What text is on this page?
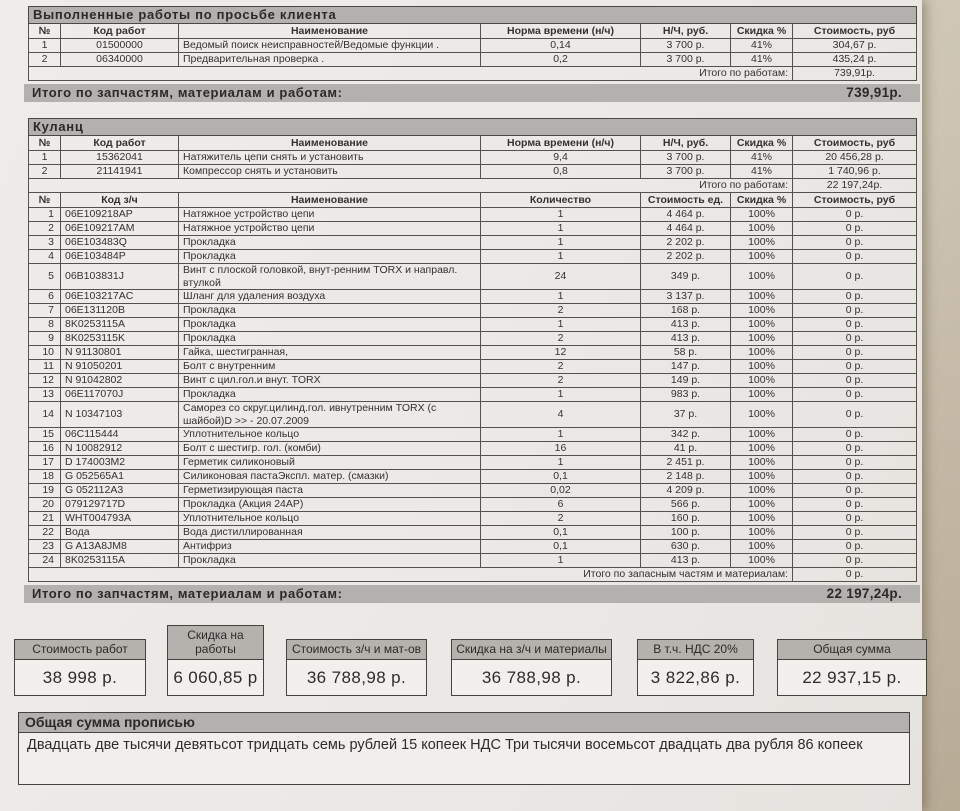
Выполненные работы по просьбе клиента						
№	Код работ	Наименование	Норма времени (н/ч)	Н/Ч, руб.	Скидка %	Стоимость, руб
1	01500000	Ведомый поиск неисправностей/Ведомые функции .	0,14	3 700 р.	41%	304,67 р.
2	06340000	Предварительная проверка .	0,2	3 700 р.	41%	435,24 р.
Итого по работам:						739,91р.
Итого по запчастям, материалам и работам:	739,91р.
Куланц						
№	Код работ	Наименование	Норма времени (н/ч)	Н/Ч, руб.	Скидка %	Стоимость, руб
1	15362041	Натяжитель цепи снять и установить	9,4	3 700 р.	41%	20 456,28 р.
2	21141941	Компрессор снять и установить	0,8	3 700 р.	41%	1 740,96 р.
Итого по работам:						22 197,24р.
№	Код з/ч	Наименование	Количество	Стоимость ед.	Скидка %	Стоимость, руб
1	06E109218AP	Натяжное устройство цепи	1	4 464 р.	100%	0 р.
2	06E109217AM	Натяжное устройство цепи	1	4 464 р.	100%	0 р.
3	06E103483Q	Прокладка	1	2 202 р.	100%	0 р.
4	06E103484P	Прокладка	1	2 202 р.	100%	0 р.
5	06B103831J	Винт с плоской головкой, внут-ренним TORX и направл. втулкой	24	349 р.	100%	0 р.
6	06E103217AC	Шланг для удаления воздуха	1	3 137 р.	100%	0 р.
7	06E131120B	Прокладка	2	168 р.	100%	0 р.
8	8K0253115A	Прокладка	1	413 р.	100%	0 р.
9	8K0253115K	Прокладка	2	413 р.	100%	0 р.
10	N 91130801	Гайка, шестигранная,	12	58 р.	100%	0 р.
11	N 91050201	Болт с внутренним	2	147 р.	100%	0 р.
12	N 91042802	Винт с цил.гол.и внут. TORX	2	149 р.	100%	0 р.
13	06E117070J	Прокладка	1	983 р.	100%	0 р.
14	N 10347103	Саморез со скруг.цилинд.гол. ивнутренним TORX (с шайбой)D >> - 20.07.2009	4	37 р.	100%	0 р.
15	06C115444	Уплотнительное кольцо	1	342 р.	100%	0 р.
16	N 10082912	Болт с шестигр. гол. (комби)	16	41 р.	100%	0 р.
17	D 174003M2	Герметик силиконовый	1	2 451 р.	100%	0 р.
18	G 052565A1	Силиконовая пастаЭкспл. матер. (смазки)	0,1	2 148 р.	100%	0 р.
19	G 052112A3	Герметизирующая паста	0,02	4 209 р.	100%	0 р.
20	079129717D	Прокладка (Акция 24АР)	6	566 р.	100%	0 р.
21	WHT004793A	Уплотнительное кольцо	2	160 р.	100%	0 р.
22	Вода	Вода дистиллированная	0,1	100 р.	100%	0 р.
23	G A13A8JM8	Антифриз	0,1	630 р.	100%	0 р.
24	8K0253115A	Прокладка	1	413 р.	100%	0 р.
Итого по запасным частям и материалам:						0 р.
Итого по запчастям, материалам и работам:	22 197,24р.
Стоимость работ
38 998 р.
Скидка на работы
6 060,85 р
Стоимость з/ч и мат-ов
36 788,98 р.
Скидка на з/ч и материалы
36 788,98 р.
В т.ч. НДС 20%
3 822,86 р.
Общая сумма
22 937,15 р.
Общая сумма прописью
Двадцать две тысячи девятьсот тридцать семь рублей 15 копеек НДС Три тысячи восемьсот двадцать два рубля 86 копеек
